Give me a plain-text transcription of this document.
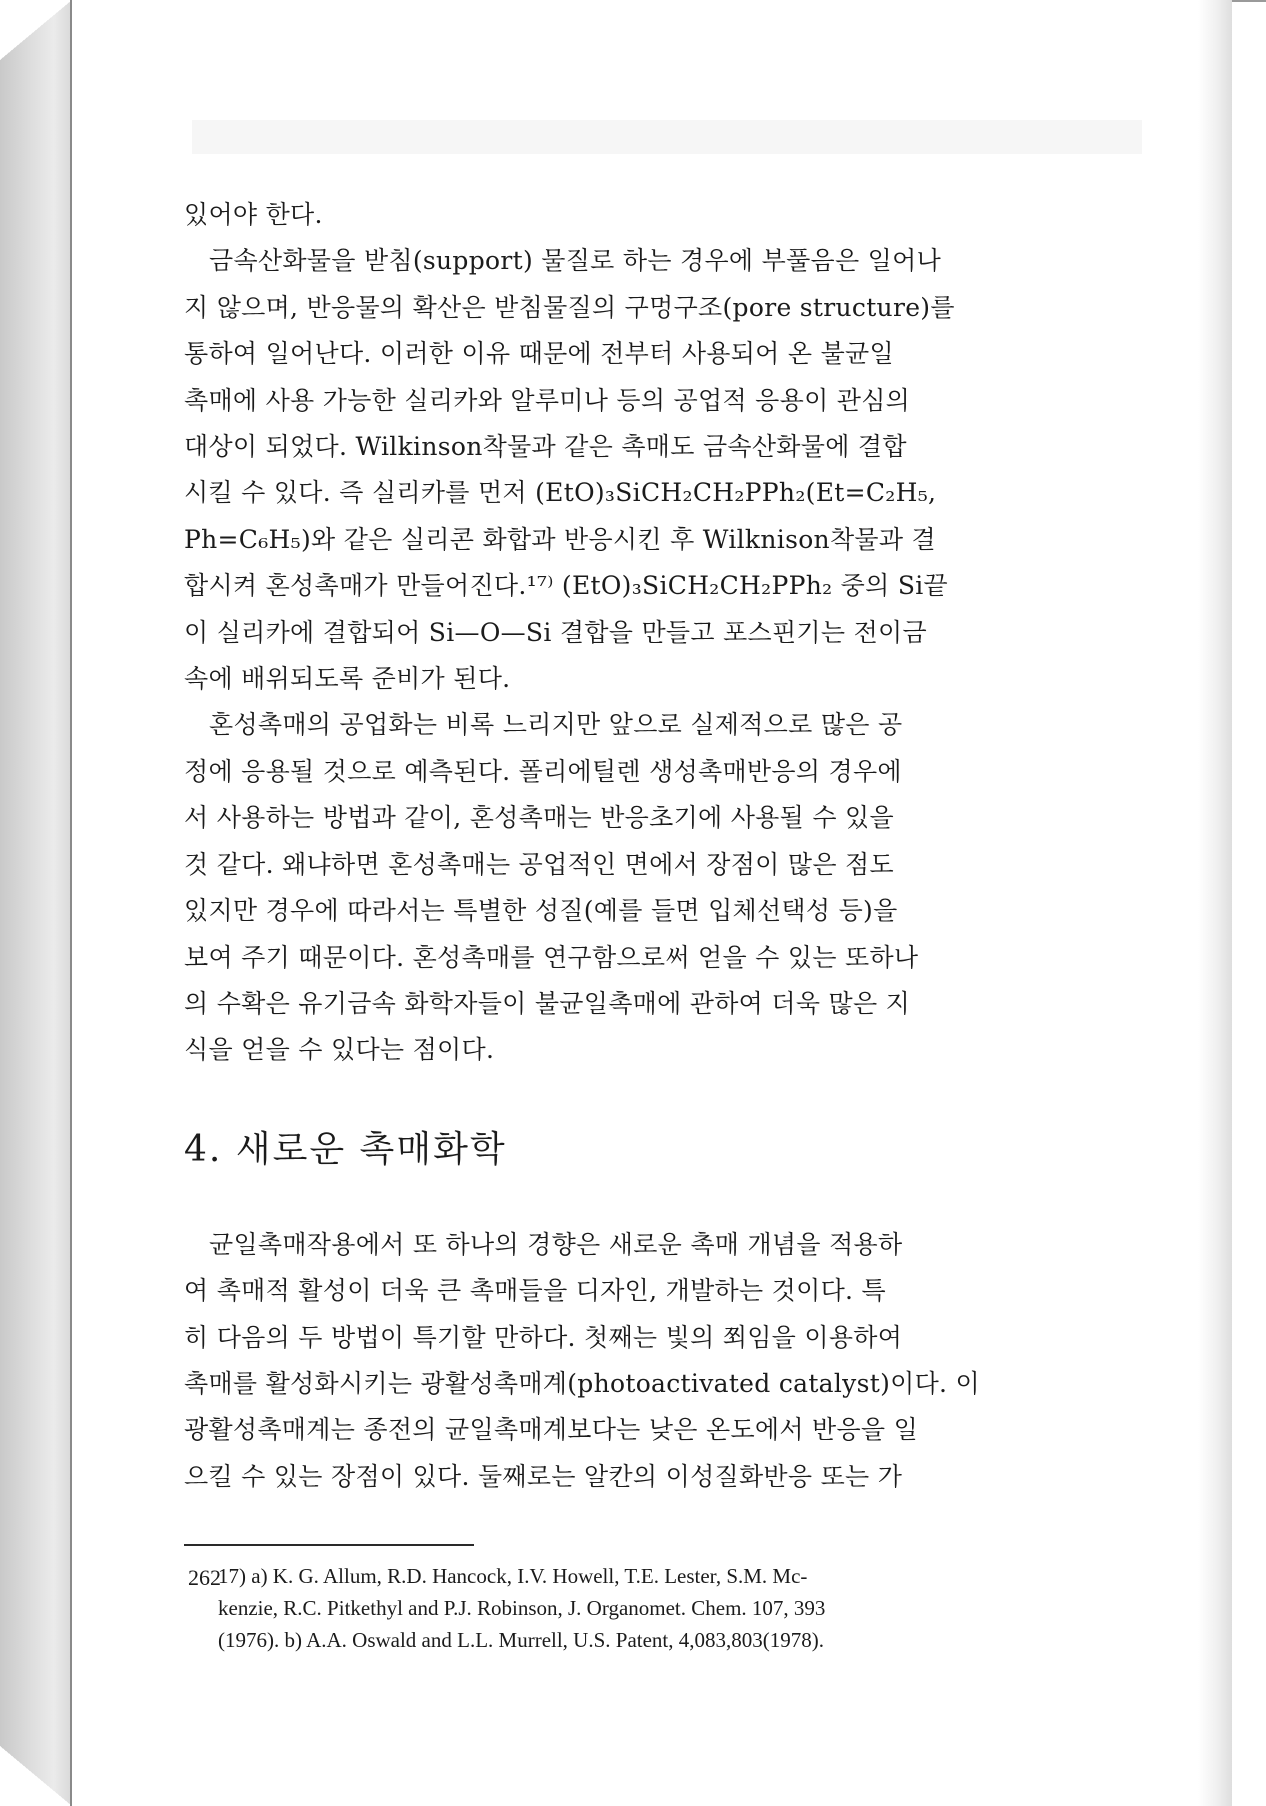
있어야 한다.
금속산화물을 받침(support) 물질로 하는 경우에 부풀음은 일어나
지 않으며, 반응물의 확산은 받침물질의 구멍구조(pore structure)를
통하여 일어난다. 이러한 이유 때문에 전부터 사용되어 온 불균일
촉매에 사용 가능한 실리카와 알루미나 등의 공업적 응용이 관심의
대상이 되었다. Wilkinson착물과 같은 촉매도 금속산화물에 결합
시킬 수 있다. 즉 실리카를 먼저 (EtO)₃SiCH₂CH₂PPh₂(Et=C₂H₅,
Ph=C₆H₅)와 같은 실리콘 화합과 반응시킨 후 Wilknison착물과 결
합시켜 혼성촉매가 만들어진다.¹⁷⁾ (EtO)₃SiCH₂CH₂PPh₂ 중의 Si끝
이 실리카에 결합되어 Si—O—Si 결합을 만들고 포스핀기는 전이금
속에 배위되도록 준비가 된다.
혼성촉매의 공업화는 비록 느리지만 앞으로 실제적으로 많은 공
정에 응용될 것으로 예측된다. 폴리에틸렌 생성촉매반응의 경우에
서 사용하는 방법과 같이, 혼성촉매는 반응초기에 사용될 수 있을
것 같다. 왜냐하면 혼성촉매는 공업적인 면에서 장점이 많은 점도
있지만 경우에 따라서는 특별한 성질(예를 들면 입체선택성 등)을
보여 주기 때문이다. 혼성촉매를 연구함으로써 얻을 수 있는 또하나
의 수확은 유기금속 화학자들이 불균일촉매에 관하여 더욱 많은 지
식을 얻을 수 있다는 점이다.
4. 새로운 촉매화학
균일촉매작용에서 또 하나의 경향은 새로운 촉매 개념을 적용하
여 촉매적 활성이 더욱 큰 촉매들을 디자인, 개발하는 것이다. 특
히 다음의 두 방법이 특기할 만하다. 첫째는 빛의 쬐임을 이용하여
촉매를 활성화시키는 광활성촉매계(photoactivated catalyst)이다. 이
광활성촉매계는 종전의 균일촉매계보다는 낮은 온도에서 반응을 일
으킬 수 있는 장점이 있다. 둘째로는 알칸의 이성질화반응 또는 가
17) a) K. G. Allum, R.D. Hancock, I.V. Howell, T.E. Lester, S.M. Mc-
kenzie, R.C. Pitkethyl and P.J. Robinson, J. Organomet. Chem. 107, 393
(1976). b) A.A. Oswald and L.L. Murrell, U.S. Patent, 4,083,803(1978).
262
